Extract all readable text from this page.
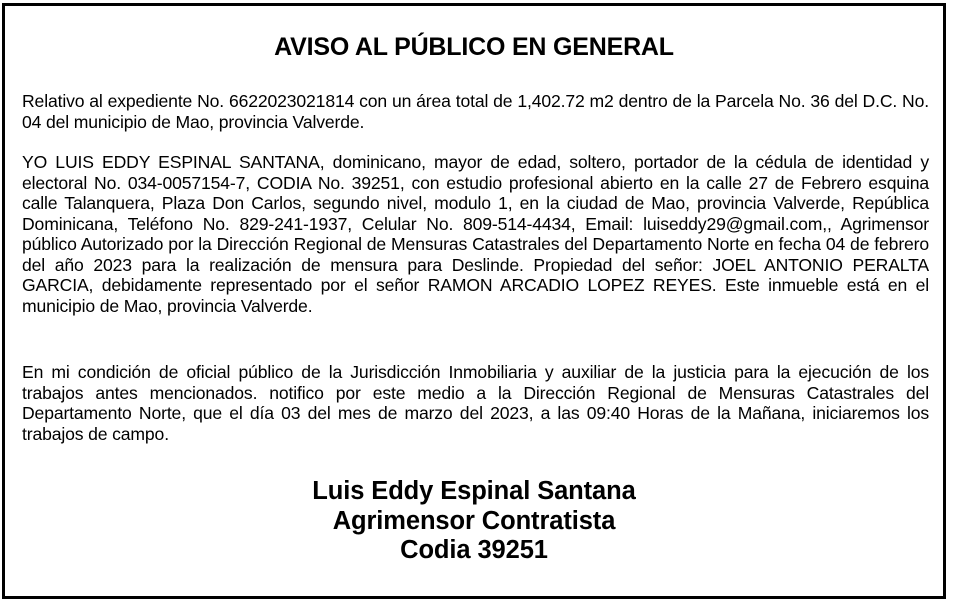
AVISO AL PÚBLICO EN GENERAL

Relativo al expediente No. 6622023021814 con un área total de 1,402.72 m2 dentro de la Parcela No. 36 del D.C. No. 04 del municipio de Mao, provincia Valverde.

YO LUIS EDDY ESPINAL SANTANA, dominicano, mayor de edad, soltero, portador de la cédula de identidad y electoral No. 034-0057154-7, CODIA No. 39251, con estudio profesional abierto en la calle 27 de Febrero esquina calle Talanquera, Plaza Don Carlos, segundo nivel, modulo 1, en la ciudad de Mao, provincia Valverde, República Dominicana, Teléfono No. 829-241-1937, Celular No. 809-514-4434, Email: luiseddy29@gmail.com,, Agrimensor público Autorizado por la Dirección Regional de Mensuras Catastrales del Departamento Norte en fecha 04 de febrero del año 2023 para la realización de mensura para Deslinde. Propiedad del señor: JOEL ANTONIO PERALTA GARCIA, debidamente representado por el señor RAMON ARCADIO LOPEZ REYES. Este inmueble está en el municipio de Mao, provincia Valverde.

En mi condición de oficial público de la Jurisdicción Inmobiliaria y auxiliar de la justicia para la ejecución de los trabajos antes mencionados. notifico por este medio a la Dirección Regional de Mensuras Catastrales del Departamento Norte, que el día 03 del mes de marzo del 2023, a las 09:40 Horas de la Mañana, iniciaremos los trabajos de campo.

Luis Eddy Espinal Santana
Agrimensor Contratista
Codia 39251
